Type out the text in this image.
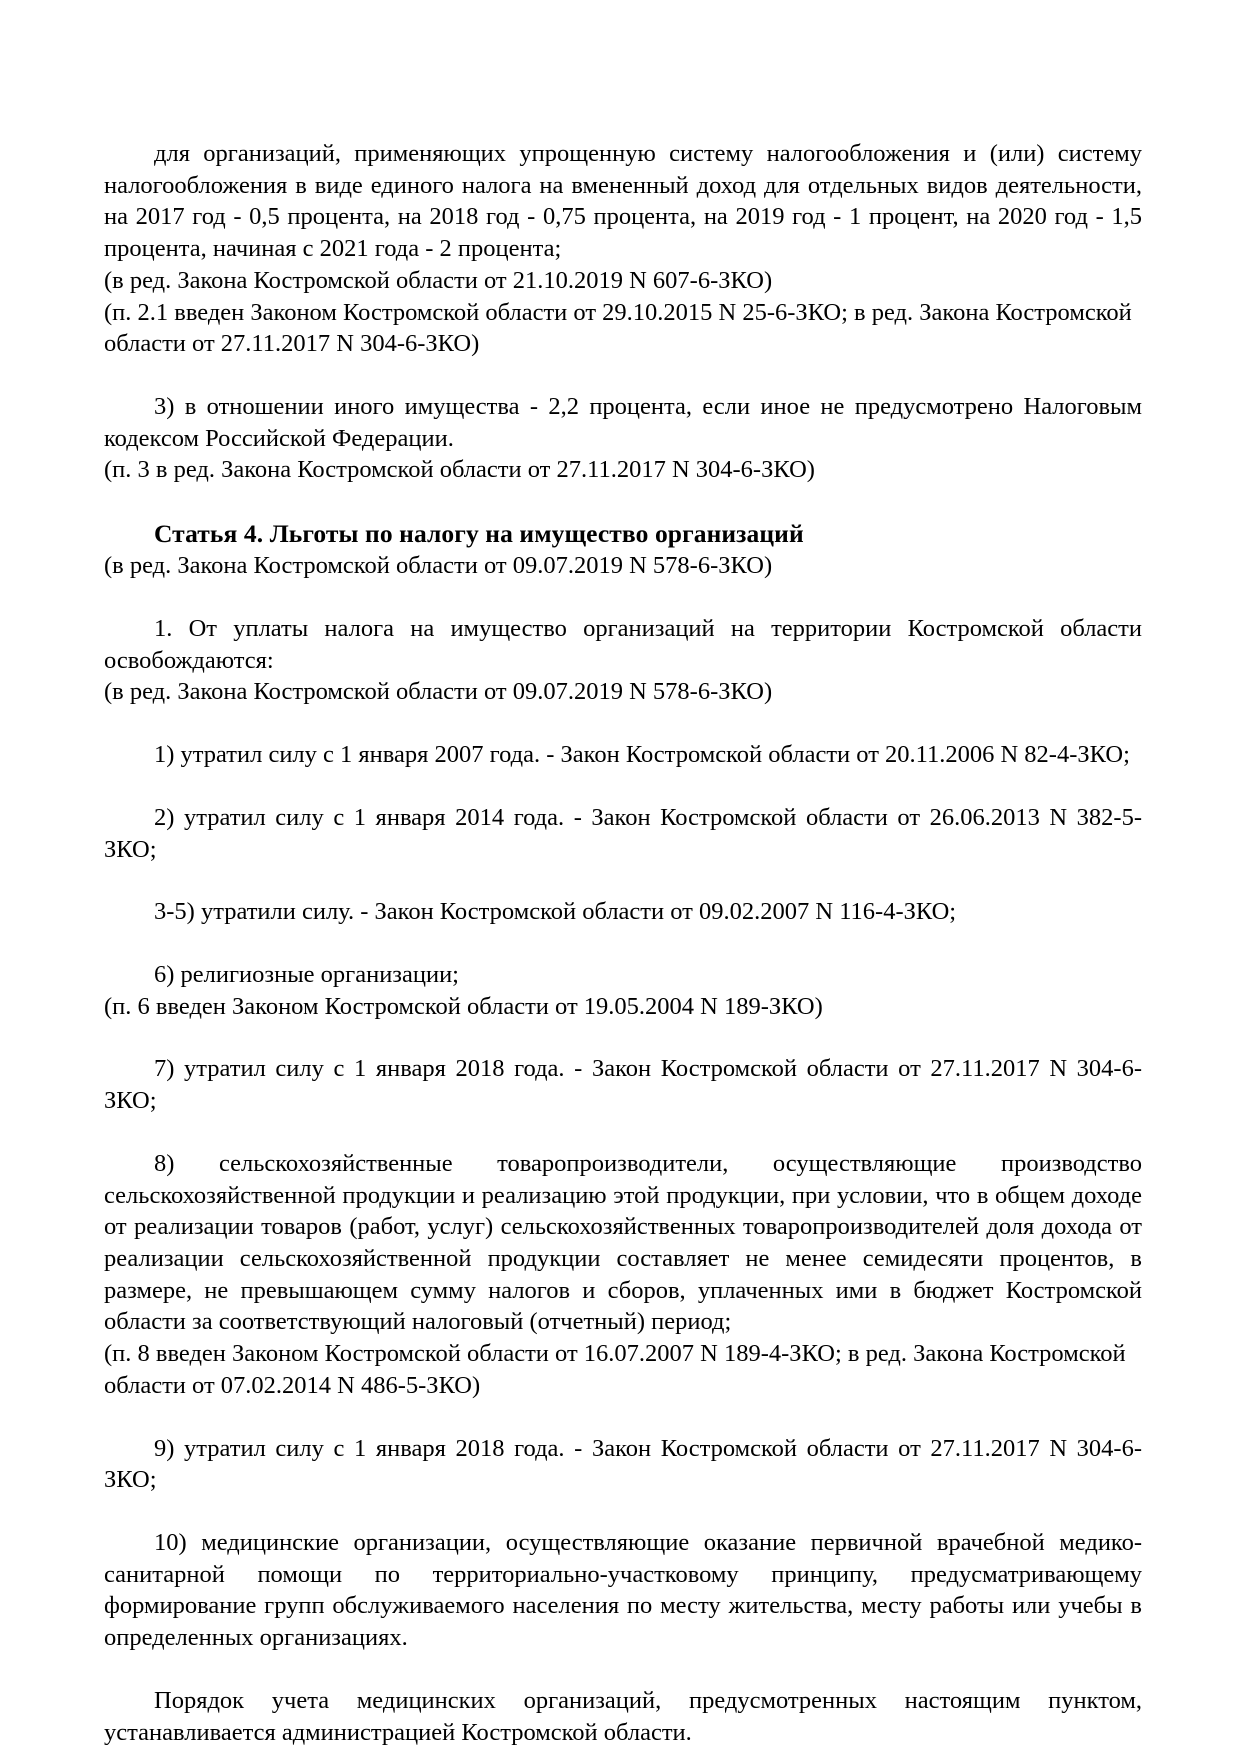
для организаций, применяющих упрощенную систему налогообложения и (или) систему налогообложения в виде единого налога на вмененный доход для отдельных видов деятельности, на 2017 год - 0,5 процента, на 2018 год - 0,75 процента, на 2019 год - 1 процент, на 2020 год - 1,5 процента, начиная с 2021 года - 2 процента;

(в ред. Закона Костромской области от 21.10.2019 N 607-6-ЗКО)

(п. 2.1 введен Законом Костромской области от 29.10.2015 N 25-6-ЗКО; в ред. Закона Костромской области от 27.11.2017 N 304-6-ЗКО)

3) в отношении иного имущества - 2,2 процента, если иное не предусмотрено Налоговым кодексом Российской Федерации.

(п. 3 в ред. Закона Костромской области от 27.11.2017 N 304-6-ЗКО)

Статья 4. Льготы по налогу на имущество организаций

(в ред. Закона Костромской области от 09.07.2019 N 578-6-ЗКО)

1. От уплаты налога на имущество организаций на территории Костромской области освобождаются:

(в ред. Закона Костромской области от 09.07.2019 N 578-6-ЗКО)

1) утратил силу с 1 января 2007 года. - Закон Костромской области от 20.11.2006 N 82-4-ЗКО;

2) утратил силу с 1 января 2014 года. - Закон Костромской области от 26.06.2013 N 382-5-ЗКО;

3-5) утратили силу. - Закон Костромской области от 09.02.2007 N 116-4-ЗКО;

6) религиозные организации;

(п. 6 введен Законом Костромской области от 19.05.2004 N 189-ЗКО)

7) утратил силу с 1 января 2018 года. - Закон Костромской области от 27.11.2017 N 304-6-ЗКО;

8) сельскохозяйственные товаропроизводители, осуществляющие производство сельскохозяйственной продукции и реализацию этой продукции, при условии, что в общем доходе от реализации товаров (работ, услуг) сельскохозяйственных товаропроизводителей доля дохода от реализации сельскохозяйственной продукции составляет не менее семидесяти процентов, в размере, не превышающем сумму налогов и сборов, уплаченных ими в бюджет Костромской области за соответствующий налоговый (отчетный) период;

(п. 8 введен Законом Костромской области от 16.07.2007 N 189-4-ЗКО; в ред. Закона Костромской области от 07.02.2014 N 486-5-ЗКО)

9) утратил силу с 1 января 2018 года. - Закон Костромской области от 27.11.2017 N 304-6-ЗКО;

10) медицинские организации, осуществляющие оказание первичной врачебной медико-санитарной помощи по территориально-участковому принципу, предусматривающему формирование групп обслуживаемого населения по месту жительства, месту работы или учебы в определенных организациях.

Порядок учета медицинских организаций, предусмотренных настоящим пунктом, устанавливается администрацией Костромской области.
